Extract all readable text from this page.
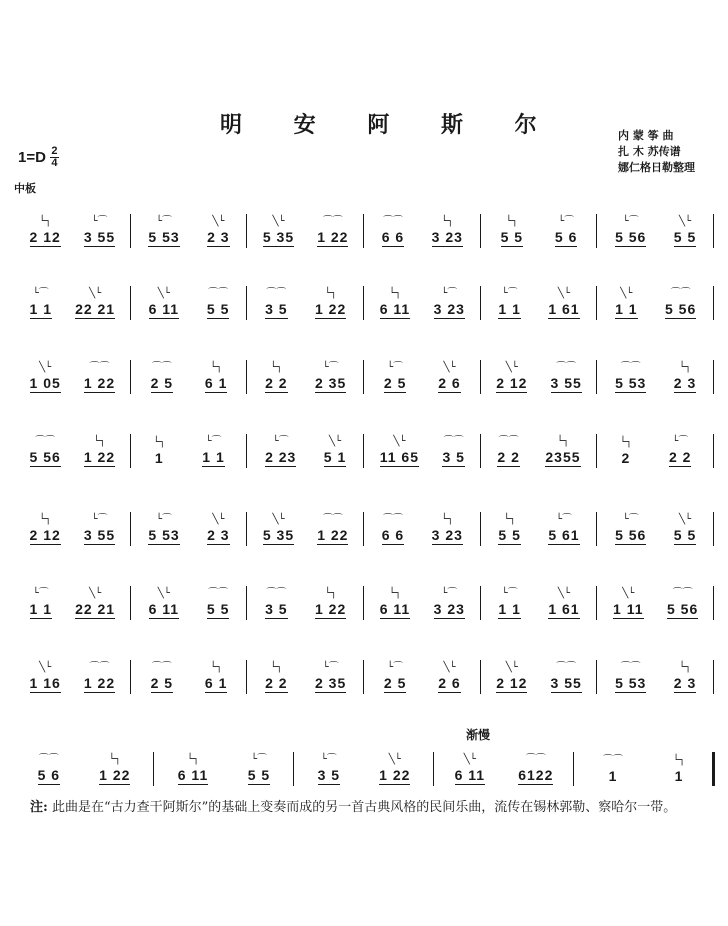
明 安 阿 斯 尔
$1=D \frac{2}{4}$
内 蒙 筝 曲
扎 木 苏传谱
娜仁格日勒整理
中板
渐慢
└┐
2 12
└⌒
3 55
└⌒
5 53
╲└
2 3
╲└
5 35
⌒⌒
1 22
⌒⌒
6 6
└┐
3 23
└┐
5 5
└⌒
5 6
└⌒
5 56
╲└
5 5
└⌒
1 1
╲└
22 21
╲└
6 11
⌒⌒
5 5
⌒⌒
3 5
└┐
1 22
└┐
6 11
└⌒
3 23
└⌒
1 1
╲└
1 61
╲└
1 1
⌒⌒
5 56
╲└
1 05
⌒⌒
1 22
⌒⌒
2 5
└┐
6 1
└┐
2 2
└⌒
2 35
└⌒
2 5
╲└
2 6
╲└
2 12
⌒⌒
3 55
⌒⌒
5 53
└┐
2 3
⌒⌒
5 56
└┐
1 22
└┐
1
└⌒
1 1
└⌒
2 23
╲└
5 1
╲└
11 65
⌒⌒
3 5
⌒⌒
2 2
└┐
2355
└┐
2
└⌒
2 2
└┐
2 12
└⌒
3 55
└⌒
5 53
╲└
2 3
╲└
5 35
⌒⌒
1 22
⌒⌒
6 6
└┐
3 23
└┐
5 5
└⌒
5 61
└⌒
5 56
╲└
5 5
└⌒
1 1
╲└
22 21
╲└
6 11
⌒⌒
5 5
⌒⌒
3 5
└┐
1 22
└┐
6 11
└⌒
3 23
└⌒
1 1
╲└
1 61
╲└
1 11
⌒⌒
5 56
╲└
1 16
⌒⌒
1 22
⌒⌒
2 5
└┐
6 1
└┐
2 2
└⌒
2 35
└⌒
2 5
╲└
2 6
╲└
2 12
⌒⌒
3 55
⌒⌒
5 53
└┐
2 3
⌒⌒
5 6
└┐
1 22
└┐
6 11
└⌒
5 5
└⌒
3 5
╲└
1 22
╲└
6 11
⌒⌒
6122
⌒⌒
1
└┐
1
注: 此曲是在“古力查干阿斯尔”的基础上变奏而成的另一首古典风格的民间乐曲，流传在锡林郭勒、察哈尔一带。
